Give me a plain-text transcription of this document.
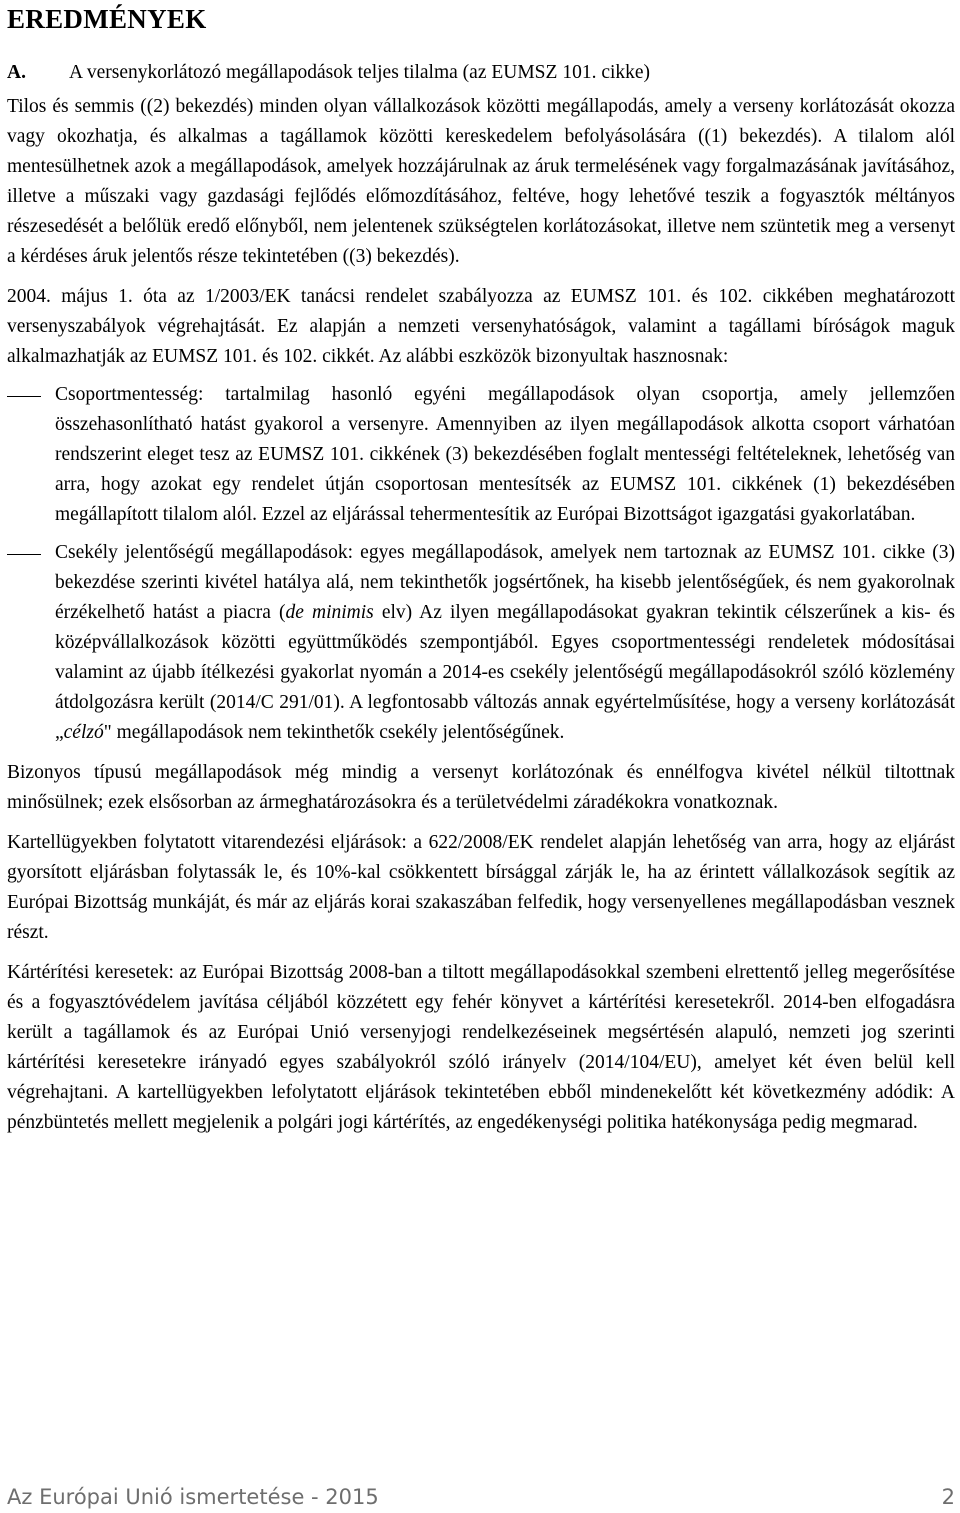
EREDMÉNYEK
A.	A versenykorlátozó megállapodások teljes tilalma (az EUMSZ 101. cikke)

Tilos és semmis ((2) bekezdés) minden olyan vállalkozások közötti megállapodás, amely a verseny korlátozását okozza vagy okozhatja, és alkalmas a tagállamok közötti kereskedelem befolyásolására ((1) bekezdés). A tilalom alól mentesülhetnek azok a megállapodások, amelyek hozzájárulnak az áruk termelésének vagy forgalmazásának javításához, illetve a műszaki vagy gazdasági fejlődés előmozdításához, feltéve, hogy lehetővé teszik a fogyasztók méltányos részesedését a belőlük eredő előnyből, nem jelentenek szükségtelen korlátozásokat, illetve nem szüntetik meg a versenyt a kérdéses áruk jelentős része tekintetében ((3) bekezdés).

2004. május 1. óta az 1/2003/EK tanácsi rendelet szabályozza az EUMSZ 101. és 102. cikkében meghatározott versenyszabályok végrehajtását. Ez alapján a nemzeti versenyhatóságok, valamint a tagállami bíróságok maguk alkalmazhatják az EUMSZ 101. és 102. cikkét. Az alábbi eszközök bizonyultak hasznosnak:

Csoportmentesség: tartalmilag hasonló egyéni megállapodások olyan csoportja, amely jellemzően összehasonlítható hatást gyakorol a versenyre. Amennyiben az ilyen megállapodások alkotta csoport várhatóan rendszerint eleget tesz az EUMSZ 101. cikkének (3) bekezdésében foglalt mentességi feltételeknek, lehetőség van arra, hogy azokat egy rendelet útján csoportosan mentesítsék az EUMSZ 101. cikkének (1) bekezdésében megállapított tilalom alól. Ezzel az eljárással tehermentesítik az Európai Bizottságot igazgatási gyakorlatában.
Csekély jelentőségű megállapodások: egyes megállapodások, amelyek nem tartoznak az EUMSZ 101. cikke (3) bekezdése szerinti kivétel hatálya alá, nem tekinthetők jogsértőnek, ha kisebb jelentőségűek, és nem gyakorolnak érzékelhető hatást a piacra (de minimis elv) Az ilyen megállapodásokat gyakran tekintik célszerűnek a kis- és középvállalkozások közötti együttműködés szempontjából. Egyes csoportmentességi rendeletek módosításai valamint az újabb ítélkezési gyakorlat nyomán a 2014-es csekély jelentőségű megállapodásokról szóló közlemény átdolgozásra került (2014/C 291/01). A legfontosabb változás annak egyértelműsítése, hogy a verseny korlátozását „célzó" megállapodások nem tekinthetők csekély jelentőségűnek.

Bizonyos típusú megállapodások még mindig a versenyt korlátozónak és ennélfogva kivétel nélkül tiltottnak minősülnek; ezek elsősorban az ármeghatározásokra és a területvédelmi záradékokra vonatkoznak.

Kartellügyekben folytatott vitarendezési eljárások: a 622/2008/EK rendelet alapján lehetőség van arra, hogy az eljárást gyorsított eljárásban folytassák le, és 10%-kal csökkentett bírsággal zárják le, ha az érintett vállalkozások segítik az Európai Bizottság munkáját, és már az eljárás korai szakaszában felfedik, hogy versenyellenes megállapodásban vesznek részt.

Kártérítési keresetek: az Európai Bizottság 2008-ban a tiltott megállapodásokkal szembeni elrettentő jelleg megerősítése és a fogyasztóvédelem javítása céljából közzétett egy fehér könyvet a kártérítési keresetekről. 2014-ben elfogadásra került a tagállamok és az Európai Unió versenyjogi rendelkezéseinek megsértésén alapuló, nemzeti jog szerinti kártérítési keresetekre irányadó egyes szabályokról szóló irányelv (2014/104/EU), amelyet két éven belül kell végrehajtani. A kartellügyekben lefolytatott eljárások tekintetében ebből mindenekelőtt két következmény adódik: A pénzbüntetés mellett megjelenik a polgári jogi kártérítés, az engedékenységi politika hatékonysága pedig megmarad.

Az Európai Unió ismertetése - 2015	2
